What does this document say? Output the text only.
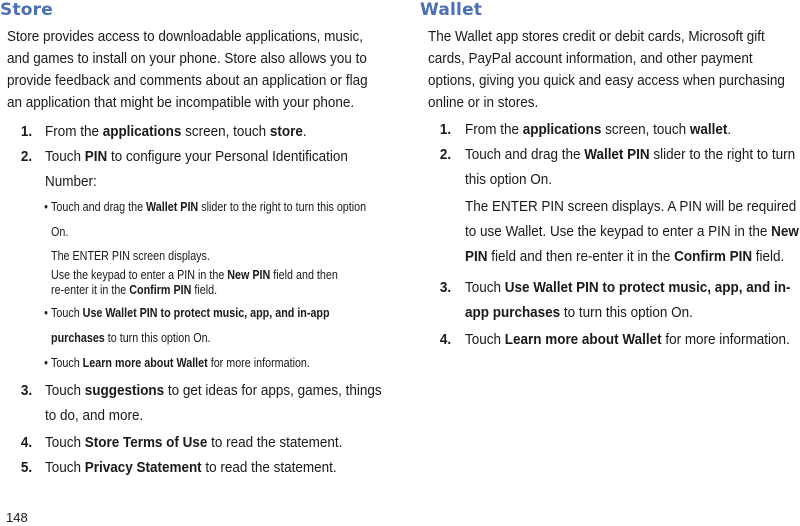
Store

Store provides access to downloadable applications, music, and games to install on your phone. Store also allows you to provide feedback and comments about an application or flag an application that might be incompatible with your phone.

1. From the applications screen, touch store.
2. Touch PIN to configure your Personal Identification Number:
• Touch and drag the Wallet PIN slider to the right to turn this option On.
The ENTER PIN screen displays.
Use the keypad to enter a PIN in the New PIN field and then
re-enter it in the Confirm PIN field.
• Touch Use Wallet PIN to protect music, app, and in-app purchases to turn this option On.
• Touch Learn more about Wallet for more information.
3. Touch suggestions to get ideas for apps, games, things to do, and more.
4. Touch Store Terms of Use to read the statement.
5. Touch Privacy Statement to read the statement.
Wallet

The Wallet app stores credit or debit cards, Microsoft gift cards, PayPal account information, and other payment options, giving you quick and easy access when purchasing online or in stores.

1. From the applications screen, touch wallet.
2. Touch and drag the Wallet PIN slider to the right to turn this option On.
The ENTER PIN screen displays. A PIN will be required to use Wallet. Use the keypad to enter a PIN in the New PIN field and then re-enter it in the Confirm PIN field.
3. Touch Use Wallet PIN to protect music, app, and in-app purchases to turn this option On.
4. Touch Learn more about Wallet for more information.
148
